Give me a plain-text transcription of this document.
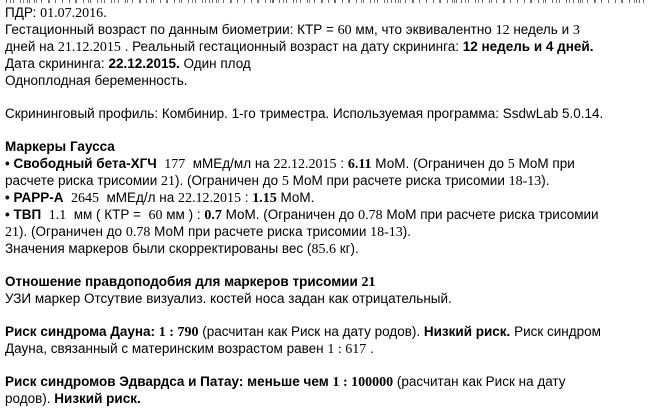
ПДР: 01.07.2016.
Гестационный возраст по данным биометрии: КТР = 60 мм, что эквивалентно 12 недель и 3
дней на 21.12.2015 . Реальный гестационный возраст на дату скрининга: 12 недель и 4 дней.
Дата скрининга: 22.12.2015. Один плод
Одноплодная беременность.
Скрининговый профиль: Комбинир. 1-го триместра. Используемая программа: SsdwLab 5.0.14.
Маркеры Гаусса
• Свободный бета-ХГЧ 177  мМЕд/мл на 22.12.2015 : 6.11 МоМ. (Ограничен до 5 МоМ при
расчете риска трисомии 21). (Ограничен до 5 МоМ при расчете риска трисомии 18-13).
• PAPP-A 2645  мМЕд/л на 22.12.2015 : 1.15 МоМ.
• ТВП 1.1  мм ( КТР =  60 мм ) : 0.7 МоМ. (Ограничен до 0.78 МоМ при расчете риска трисомии
21). (Ограничен до 0.78 МоМ при расчете риска трисомии 18-13).
Значения маркеров были скорректированы вес (85.6 кг).
Отношение правдоподобия для маркеров трисомии 21
УЗИ маркер Отсутвие визуализ. костей носа задан как отрицательный.
Риск синдрома Дауна: 1 : 790 (расчитан как Риск на дату родов). Низкий риск. Риск синдром
Дауна, связанный с материнским возрастом равен 1 : 617 .
Риск синдромов Эдвардса и Патау: меньше чем 1 : 100000 (расчитан как Риск на дату
родов). Низкий риск.
